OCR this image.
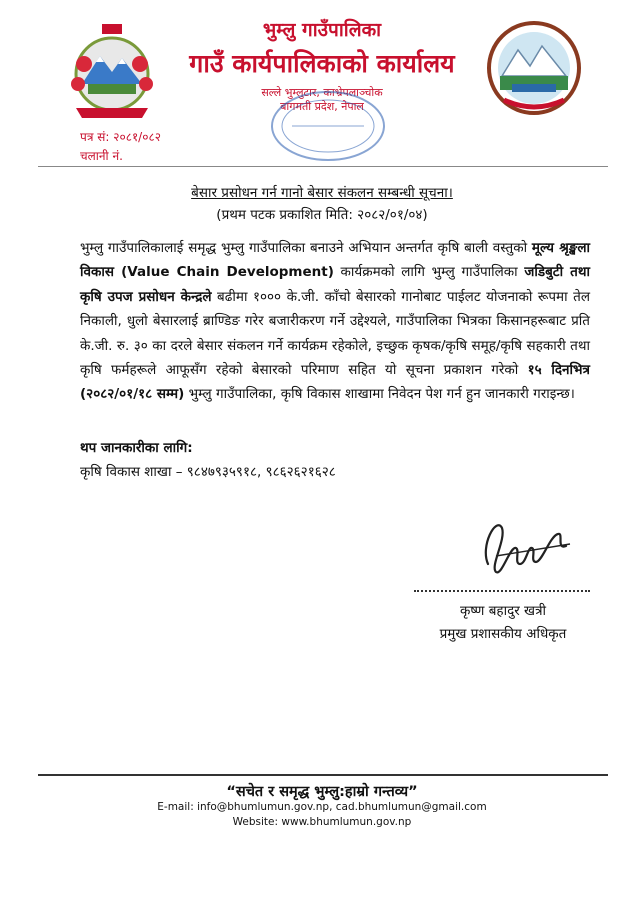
भुम्लु गाउँपालिका
गाउँ कार्यपालिकाको कार्यालय
सल्ले भुम्लुटार, काभ्रेपलाञ्चोक
बागमती प्रदेश, नेपाल
पत्र सं: २०८१/०८२
चलानी नं.
बेसार प्रसोधन गर्न गानो बेसार संकलन सम्बन्धी सूचना।
(प्रथम पटक प्रकाशित मिति: २०८२/०१/०४)
भुम्लु गाउँपालिकालाई समृद्ध भुम्लु गाउँपालिका बनाउने अभियान अन्तर्गत कृषि बाली वस्तुको मूल्य श्रृङ्खला विकास (Value Chain Development) कार्यक्रमको लागि भुम्लु गाउँपालिका जडिबुटी तथा कृषि उपज प्रसोधन केन्द्रले बढीमा १००० के.जी. काँचो बेसारको गानोबाट पाईलट योजनाको रूपमा तेल निकाली, धुलो बेसारलाई ब्राण्डिङ गरेर बजारीकरण गर्ने उद्देश्यले, गाउँपालिका भित्रका किसानहरूबाट प्रति के.जी. रु. ३० का दरले बेसार संकलन गर्ने कार्यक्रम रहेकोले, इच्छुक कृषक/कृषि समूह/कृषि सहकारी तथा कृषि फर्महरूले आफूसँग रहेको बेसारको परिमाण सहित यो सूचना प्रकाशन गरेको १५ दिनभित्र (२०८२/०१/१८ सम्म) भुम्लु गाउँपालिका, कृषि विकास शाखामा निवेदन पेश गर्न हुन जानकारी गराइन्छ।
थप जानकारीका लागि:
कृषि विकास शाखा – ९८४७९३५९१८, ९८६२६२१६२८
कृष्ण बहादुर खत्री
प्रमुख प्रशासकीय अधिकृत
“सचेत र समृद्ध भुम्लु:हाम्रो गन्तव्य”
E-mail: info@bhumlumun.gov.np, cad.bhumlumun@gmail.com
Website: www.bhumlumun.gov.np
